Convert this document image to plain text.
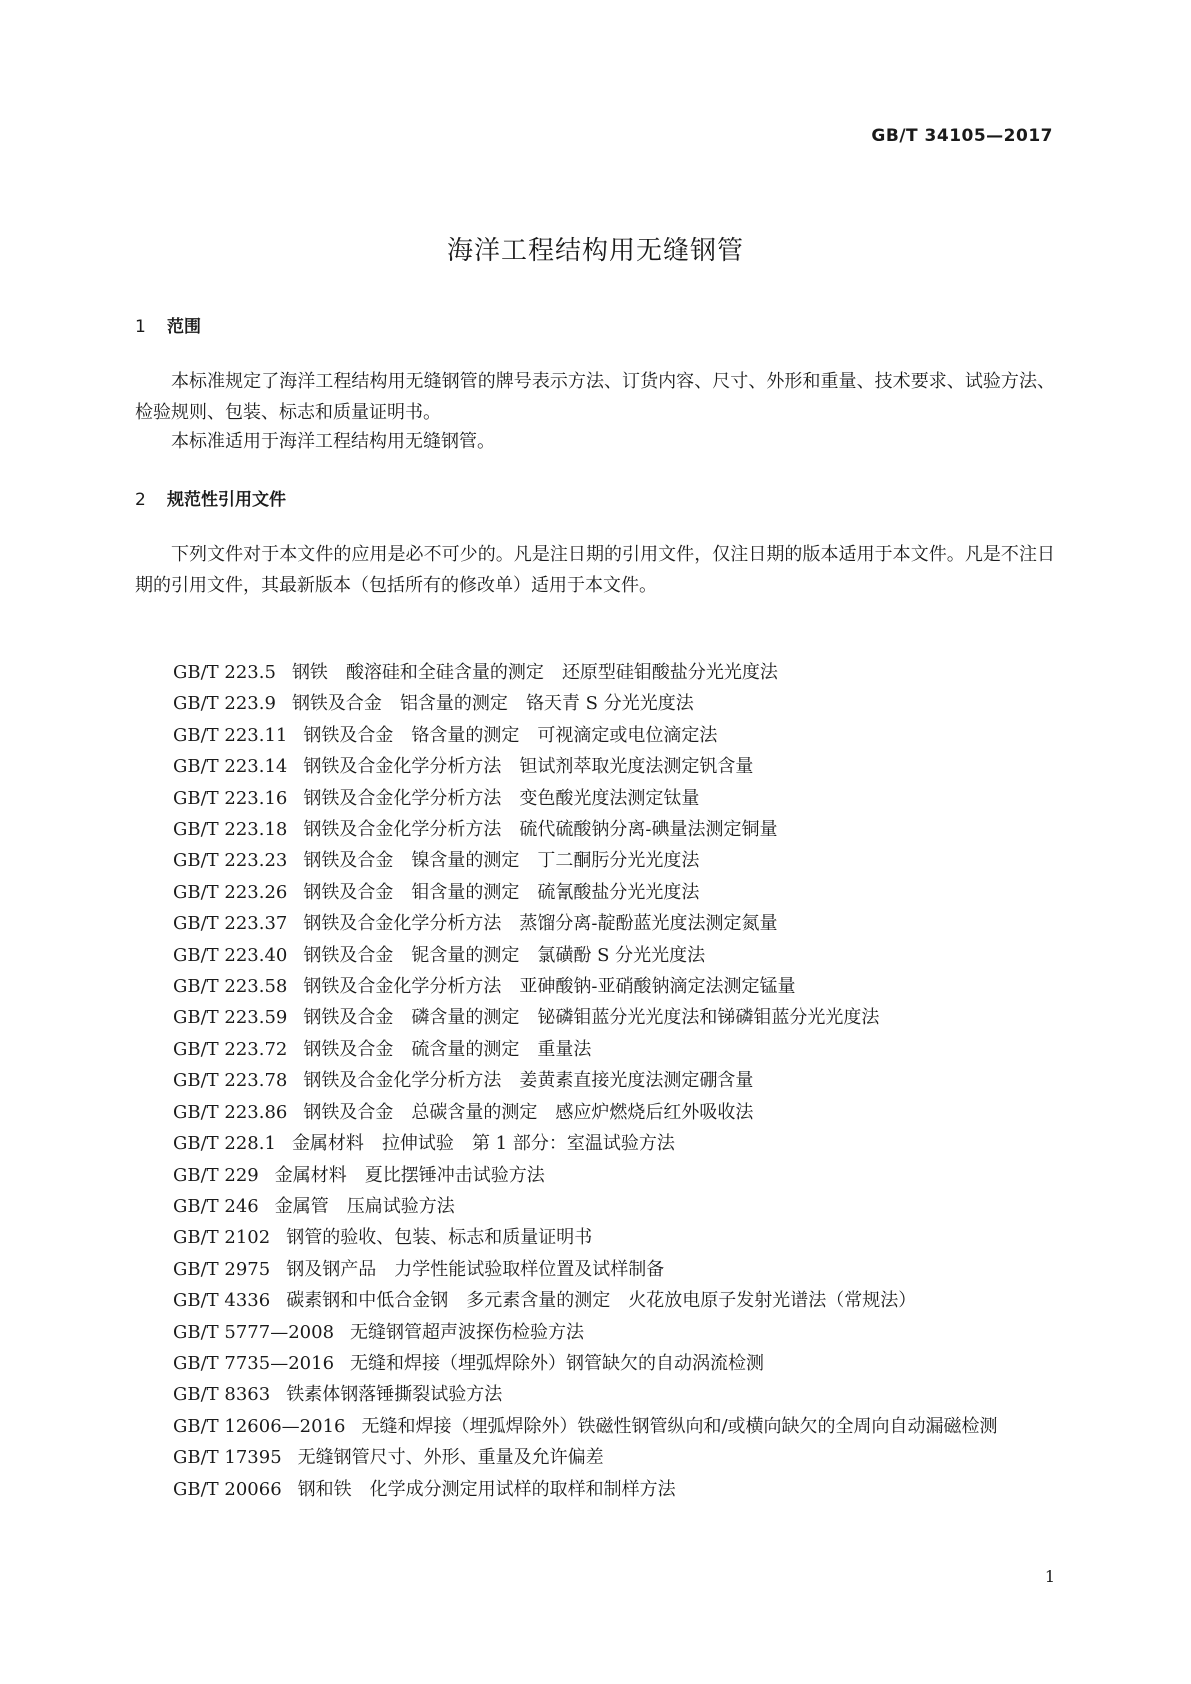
GB/T 34105—2017
海洋工程结构用无缝钢管
1 范围

本标准规定了海洋工程结构用无缝钢管的牌号表示方法、订货内容、尺寸、外形和重量、技术要求、试验方法、检验规则、包装、标志和质量证明书。

本标准适用于海洋工程结构用无缝钢管。

2 规范性引用文件

下列文件对于本文件的应用是必不可少的。凡是注日期的引用文件，仅注日期的版本适用于本文件。凡是不注日期的引用文件，其最新版本（包括所有的修改单）适用于本文件。

GB/T 223.5 钢铁 酸溶硅和全硅含量的测定 还原型硅钼酸盐分光光度法
GB/T 223.9 钢铁及合金 铝含量的测定 铬天青 S 分光光度法
GB/T 223.11 钢铁及合金 铬含量的测定 可视滴定或电位滴定法
GB/T 223.14 钢铁及合金化学分析方法 钽试剂萃取光度法测定钒含量
GB/T 223.16 钢铁及合金化学分析方法 变色酸光度法测定钛量
GB/T 223.18 钢铁及合金化学分析方法 硫代硫酸钠分离-碘量法测定铜量
GB/T 223.23 钢铁及合金 镍含量的测定 丁二酮肟分光光度法
GB/T 223.26 钢铁及合金 钼含量的测定 硫氰酸盐分光光度法
GB/T 223.37 钢铁及合金化学分析方法 蒸馏分离-靛酚蓝光度法测定氮量
GB/T 223.40 钢铁及合金 铌含量的测定 氯磺酚 S 分光光度法
GB/T 223.58 钢铁及合金化学分析方法 亚砷酸钠-亚硝酸钠滴定法测定锰量
GB/T 223.59 钢铁及合金 磷含量的测定 铋磷钼蓝分光光度法和锑磷钼蓝分光光度法
GB/T 223.72 钢铁及合金 硫含量的测定 重量法
GB/T 223.78 钢铁及合金化学分析方法 姜黄素直接光度法测定硼含量
GB/T 223.86 钢铁及合金 总碳含量的测定 感应炉燃烧后红外吸收法
GB/T 228.1 金属材料 拉伸试验 第 1 部分：室温试验方法
GB/T 229 金属材料 夏比摆锤冲击试验方法
GB/T 246 金属管 压扁试验方法
GB/T 2102 钢管的验收、包装、标志和质量证明书
GB/T 2975 钢及钢产品 力学性能试验取样位置及试样制备
GB/T 4336 碳素钢和中低合金钢 多元素含量的测定 火花放电原子发射光谱法（常规法）
GB/T 5777—2008 无缝钢管超声波探伤检验方法
GB/T 7735—2016 无缝和焊接（埋弧焊除外）钢管缺欠的自动涡流检测
GB/T 8363 铁素体钢落锤撕裂试验方法
GB/T 12606—2016 无缝和焊接（埋弧焊除外）铁磁性钢管纵向和/或横向缺欠的全周向自动漏磁检测
GB/T 17395 无缝钢管尺寸、外形、重量及允许偏差
GB/T 20066 钢和铁 化学成分测定用试样的取样和制样方法
1
